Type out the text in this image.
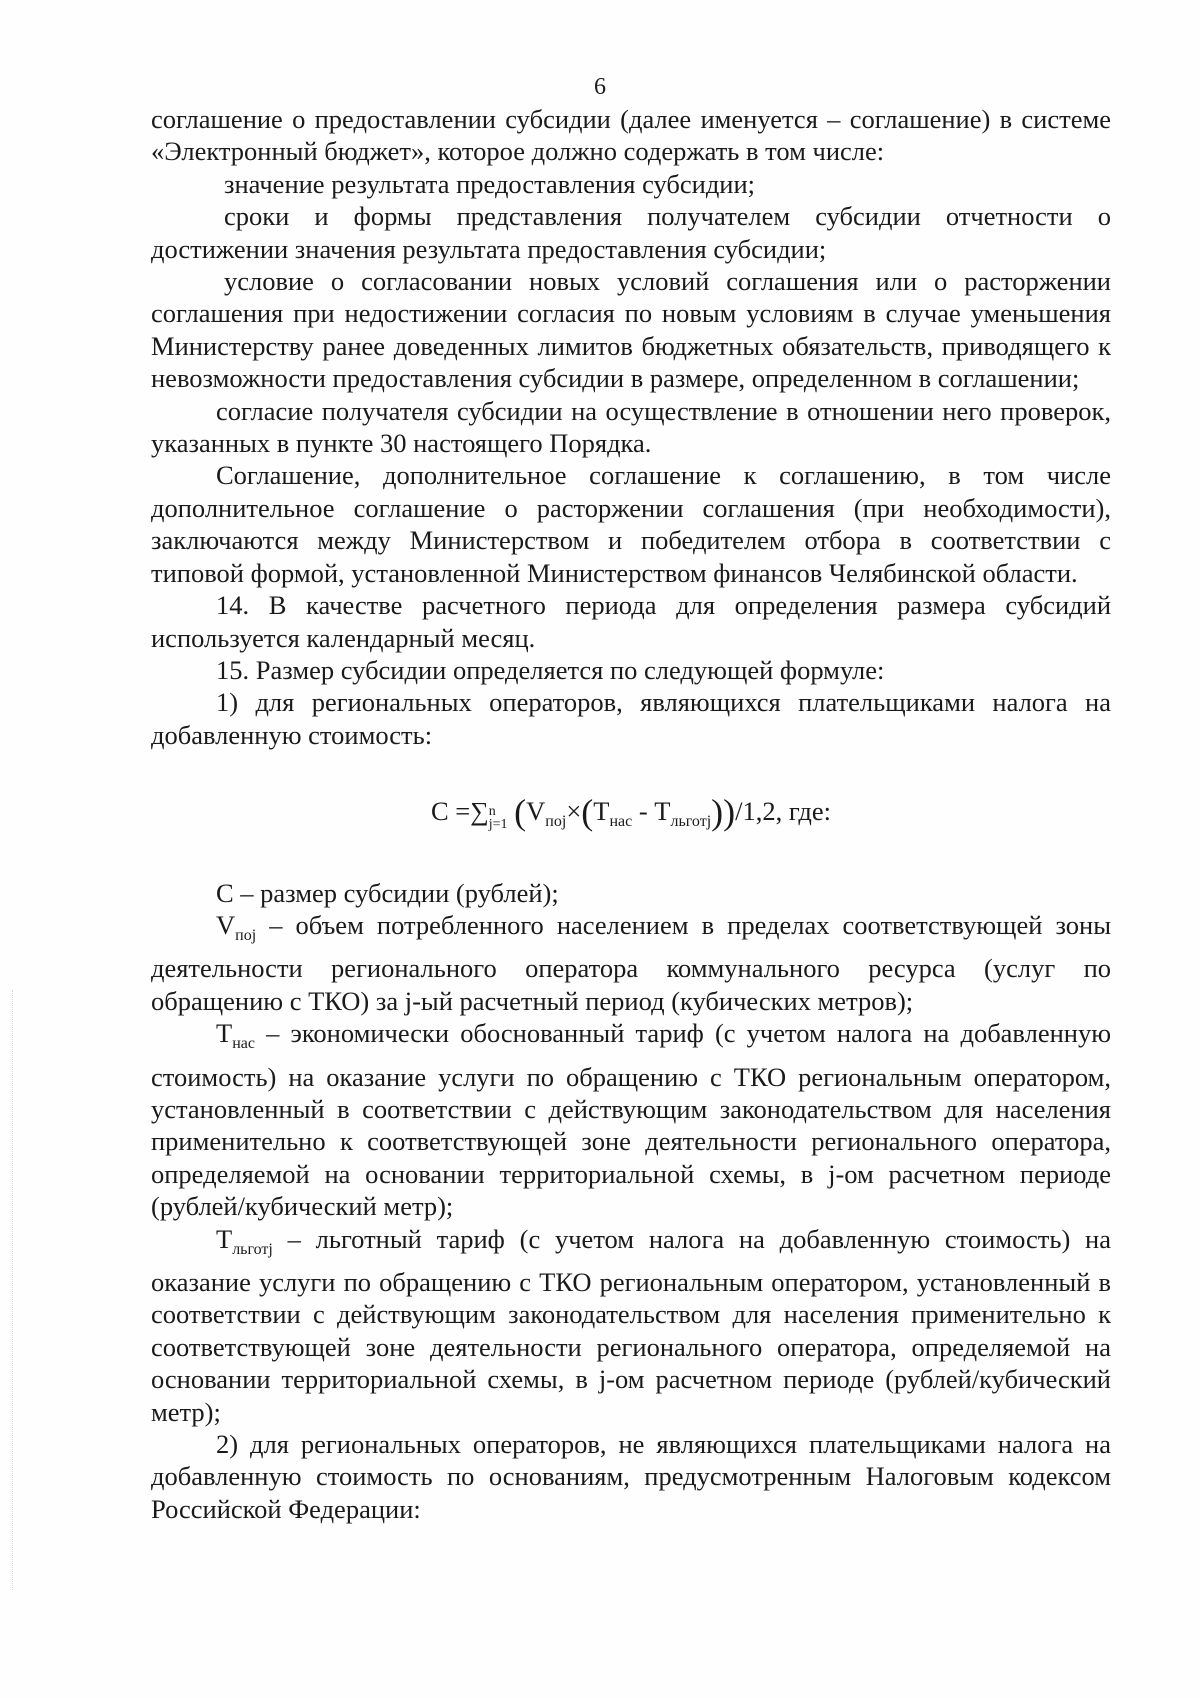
6

соглашение о предоставлении субсидии (далее именуется – соглашение) в системе «Электронный бюджет», которое должно содержать в том числе:

значение результата предоставления субсидии;

сроки и формы представления получателем субсидии отчетности о достижении значения результата предоставления субсидии;

условие о согласовании новых условий соглашения или о расторжении соглашения при недостижении согласия по новым условиям в случае уменьшения Министерству ранее доведенных лимитов бюджетных обязательств, приводящего к невозможности предоставления субсидии в размере, определенном в соглашении;

согласие получателя субсидии на осуществление в отношении него проверок, указанных в пункте 30 настоящего Порядка.

Соглашение, дополнительное соглашение к соглашению, в том числе дополнительное соглашение о расторжении соглашения (при необходимости), заключаются между Министерством и победителем отбора в соответствии с типовой формой, установленной Министерством финансов Челябинской области.

14. В качестве расчетного периода для определения размера субсидий используется календарный месяц.

15. Размер субсидии определяется по следующей формуле:

1) для региональных операторов, являющихся плательщиками налога на добавленную стоимость:

С =∑ n
j=1 $(V_{поj}\times(Т_{нас} - Т_{льготj}))/1,2$, где:

С – размер субсидии (рублей);

$V_{поj}$ – объем потребленного населением в пределах соответствующей зоны деятельности регионального оператора коммунального ресурса (услуг по обращению с ТКО) за j-ый расчетный период (кубических метров);

$Т_{нас}$ – экономически обоснованный тариф (с учетом налога на добавленную стоимость) на оказание услуги по обращению с ТКО региональным оператором, установленный в соответствии с действующим законодательством для населения применительно к соответствующей зоне деятельности регионального оператора, определяемой на основании территориальной схемы, в j-ом расчетном периоде (рублей/кубический метр);

$Т_{льготj}$ – льготный тариф (с учетом налога на добавленную стоимость) на оказание услуги по обращению с ТКО региональным оператором, установленный в соответствии с действующим законодательством для населения применительно к соответствующей зоне деятельности регионального оператора, определяемой на основании территориальной схемы, в j-ом расчетном периоде (рублей/кубический метр);

2) для региональных операторов, не являющихся плательщиками налога на добавленную стоимость по основаниям, предусмотренным Налоговым кодексом Российской Федерации:
